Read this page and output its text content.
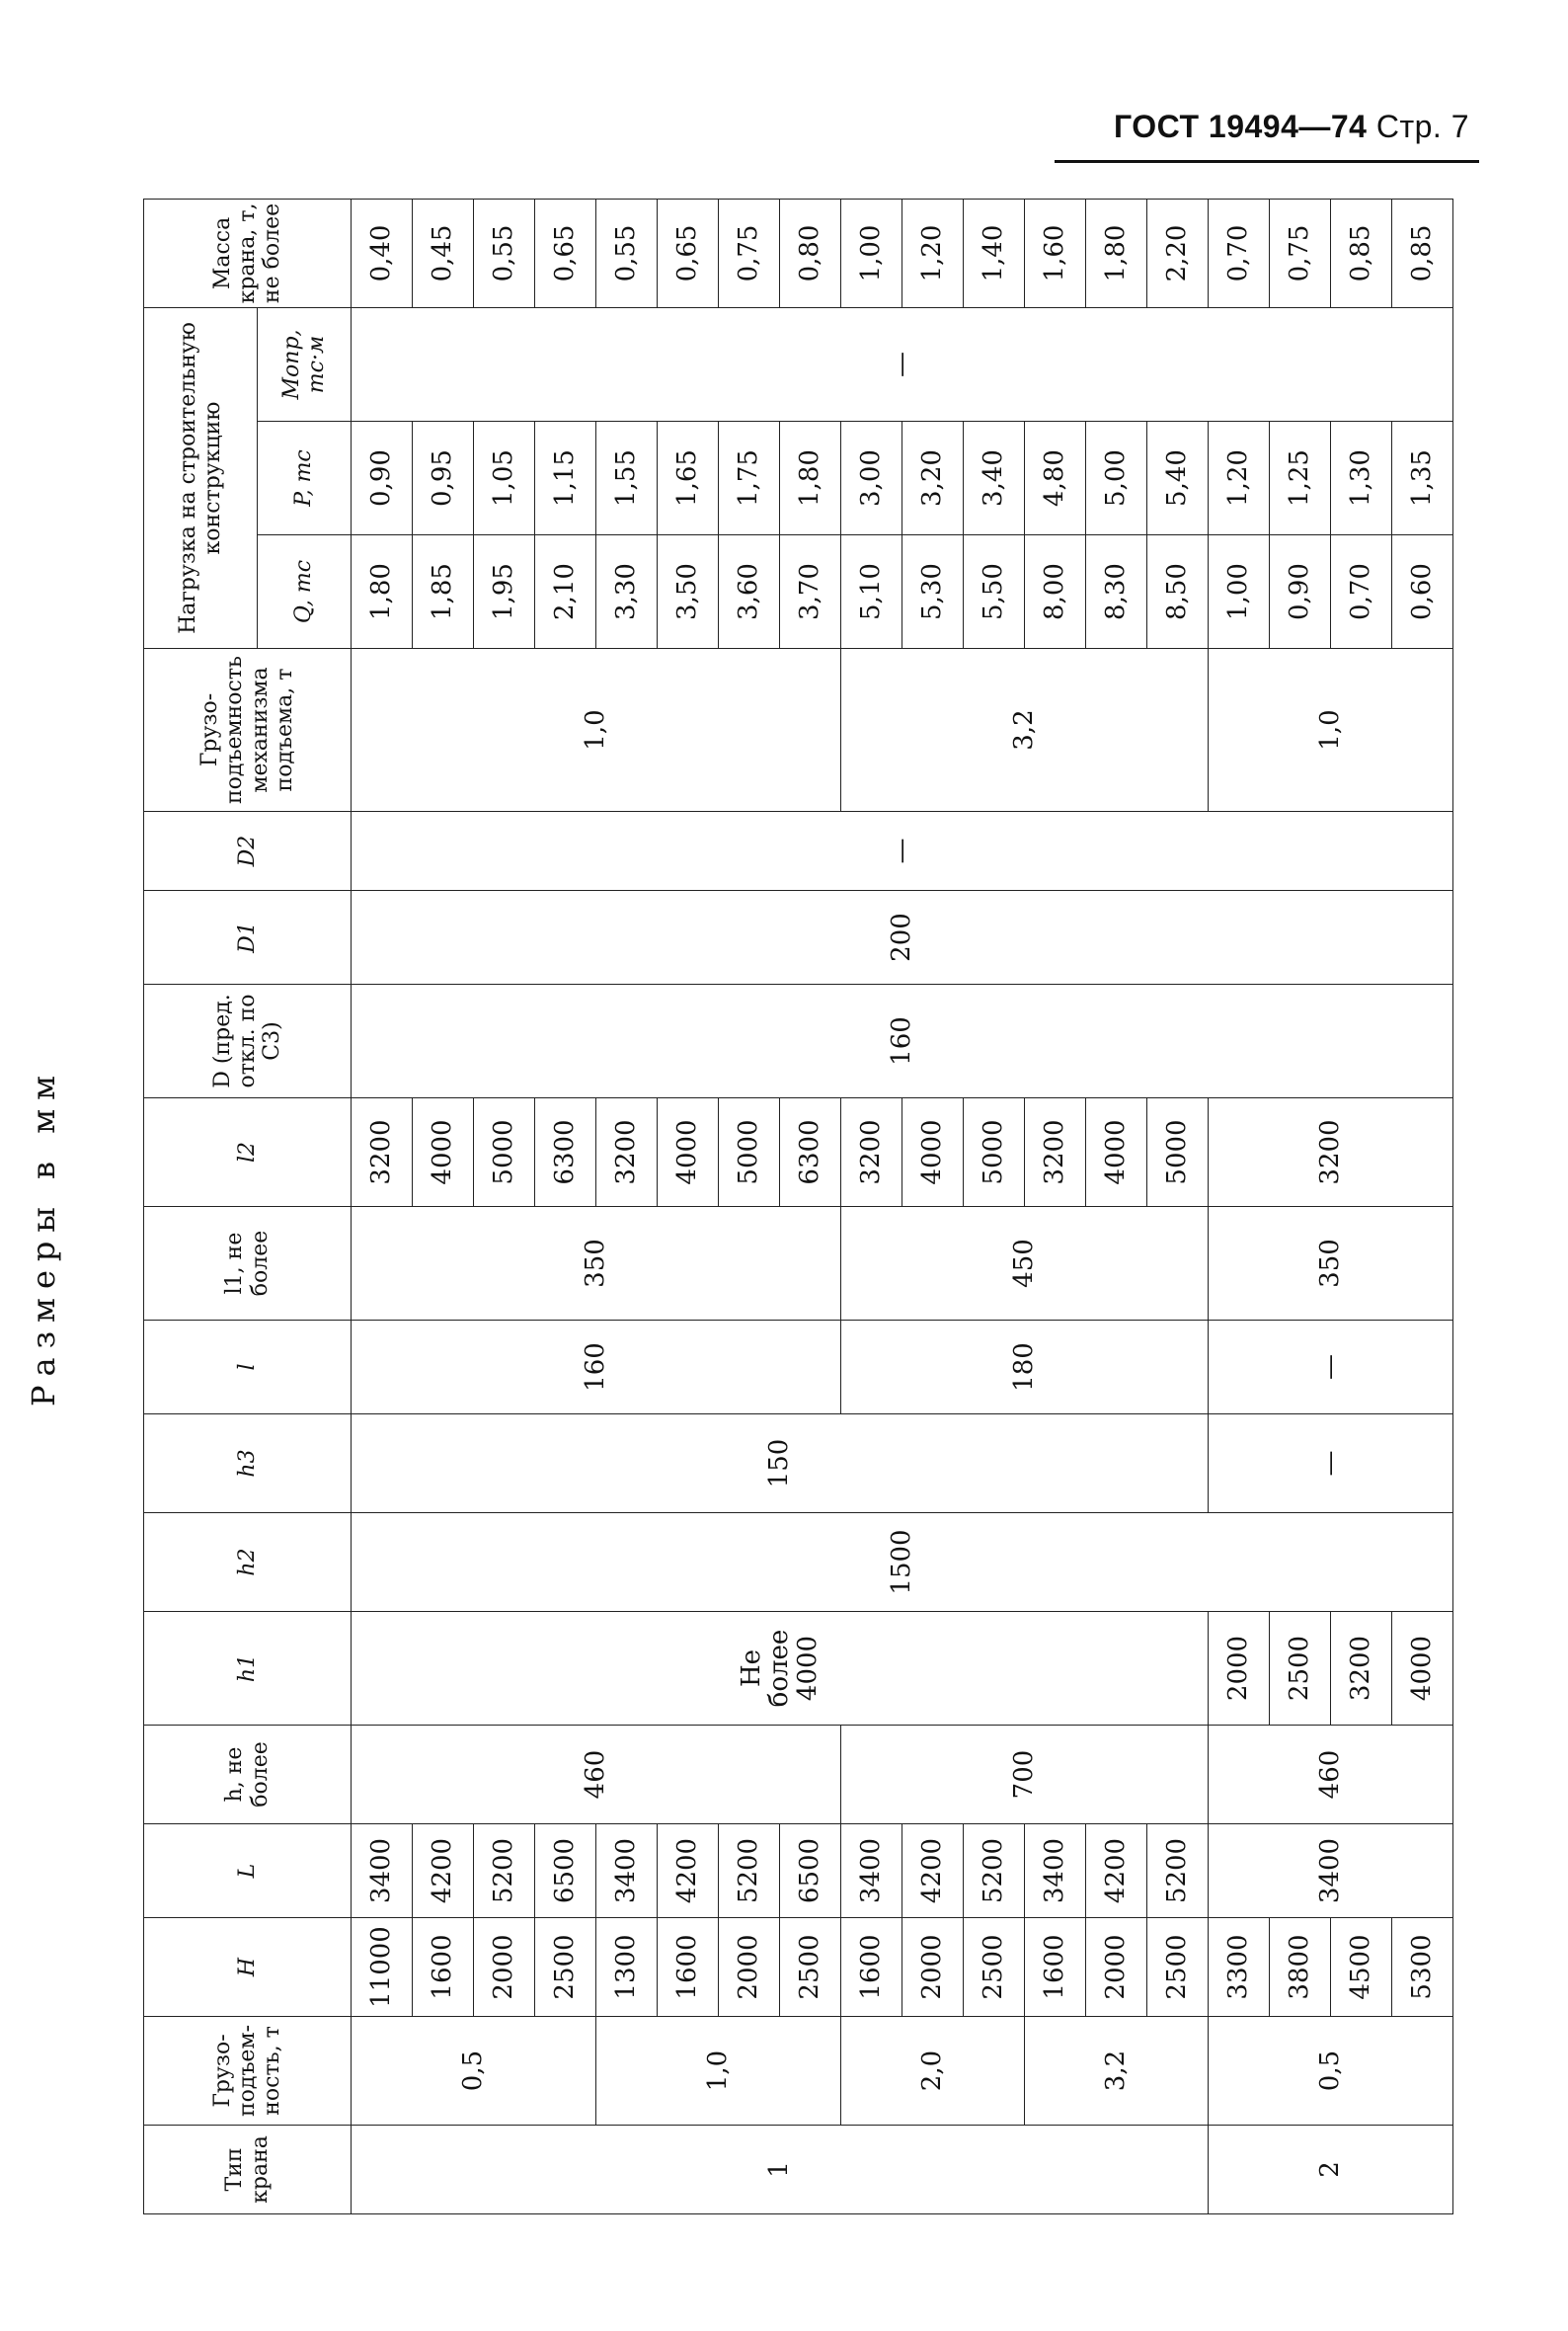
ГОСТ 19494—74 Стр. 7
Размеры в мм
Тип крана	Грузо-подъем-ность, т	H	L	h, не более	h1	h2	h3	l	l1, не более	l2	D (пред. откл. по C3)	D1	D2	Грузо-подъемность механизма подъема, т	Нагрузка на строительную конструкцию			Масса крана, т, не более
															Q, тс	P, тс	Mопр, тс·м	
1	0,5	11000	3400	460	Не более 4000	1500	150	160	350	3200	160	200	—	1,0	1,80	0,90	—	0,40
		1600	4200							4000					1,85	0,95		0,45
		2000	5200							5000					1,95	1,05		0,55
		2500	6500							6300					2,10	1,15		0,65
	1,0	1300	3400							3200					3,30	1,55		0,55
		1600	4200							4000					3,50	1,65		0,65
		2000	5200							5000					3,60	1,75		0,75
		2500	6500							6300					3,70	1,80		0,80
	2,0	1600	3400	700				180	450	3200				3,2	5,10	3,00		1,00
		2000	4200							4000					5,30	3,20		1,20
		2500	5200							5000					5,50	3,40		1,40
	3,2	1600	3400							3200					8,00	4,80		1,60
		2000	4200							4000					8,30	5,00		1,80
		2500	5200							5000					8,50	5,40		2,20
2	0,5	3300	3400	460	2000		—	—	350	3200				1,0	1,00	1,20		0,70
		3800			2500										0,90	1,25		0,75
		4500			3200										0,70	1,30		0,85
		5300			4000										0,60	1,35		0,85
